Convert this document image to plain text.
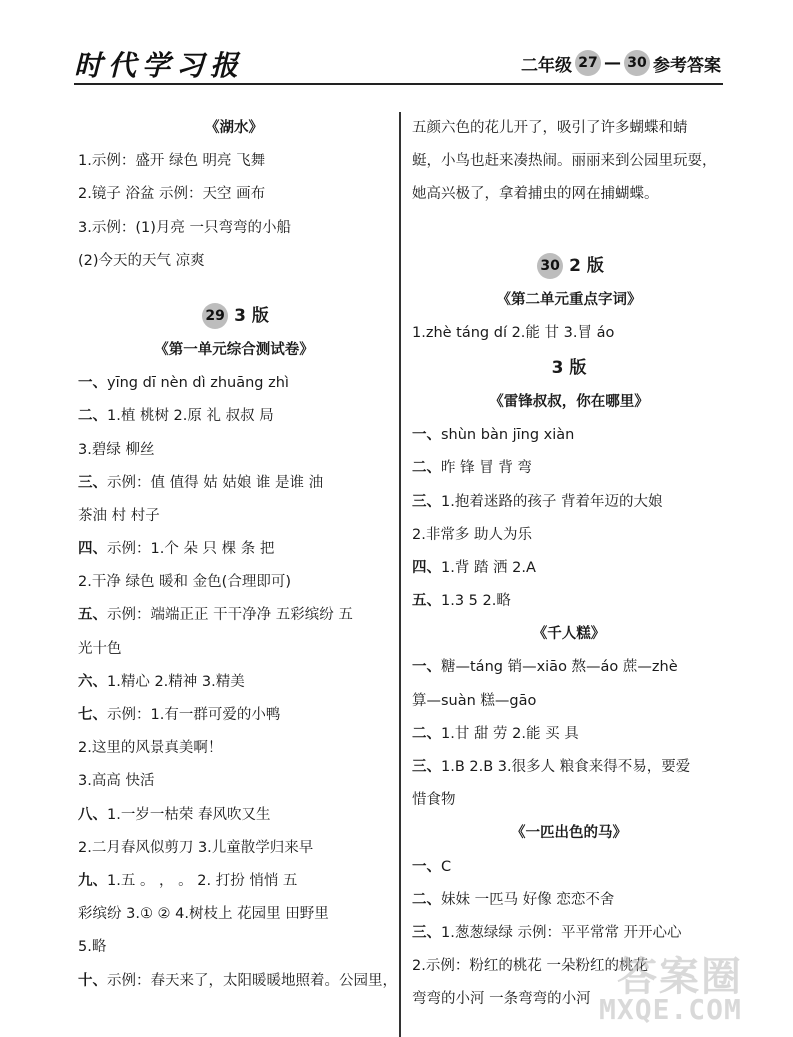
时代学习报	二年级 27 — 30 参考答案
《湖水》
1.示例：盛开 绿色 明亮 飞舞
2.镜子 浴盆 示例：天空 画布
3.示例：(1)月亮 一只弯弯的小船
(2)今天的天气 凉爽
29 3 版
《第一单元综合测试卷》
一、yīng dī nèn dì zhuāng zhì
二、1.植 桃树 2.原 礼 叔叔 局
3.碧绿 柳丝
三、示例：值 值得 姑 姑娘 谁 是谁 油
茶油 村 村子
四、示例：1.个 朵 只 棵 条 把
2.干净 绿色 暖和 金色(合理即可)
五、示例：端端正正 干干净净 五彩缤纷 五
光十色
六、1.精心 2.精神 3.精美
七、示例：1.有一群可爱的小鸭
2.这里的风景真美啊！
3.高高 快活
八、1.一岁一枯荣 春风吹又生
2.二月春风似剪刀 3.儿童散学归来早
九、1.五 。 ， 。 2. 打扮 悄悄 五
彩缤纷 3.① ② 4.树枝上 花园里 田野里
5.略
十、示例：春天来了，太阳暖暖地照着。公园里，
五颜六色的花儿开了，吸引了许多蝴蝶和蜻
蜓，小鸟也赶来凑热闹。丽丽来到公园里玩耍，
她高兴极了，拿着捕虫的网在捕蝴蝶。
30 2 版
《第二单元重点字词》
1.zhè táng dí 2.能 甘 3.冒 áo
3 版
《雷锋叔叔，你在哪里》
一、shùn bàn jīng xiàn
二、昨 锋 冒 背 弯
三、1.抱着迷路的孩子 背着年迈的大娘
2.非常多 助人为乐
四、1.背 踏 洒 2.A
五、1.3 5 2.略
《千人糕》
一、糖—táng 销—xiāo 熬—áo 蔗—zhè
算—suàn 糕—gāo
二、1.甘 甜 劳 2.能 买 具
三、1.B 2.B 3.很多人 粮食来得不易，要爱
惜食物
《一匹出色的马》
一、C
二、妹妹 一匹马 好像 恋恋不舍
三、1.葱葱绿绿 示例：平平常常 开开心心
2.示例：粉红的桃花 一朵粉红的桃花
弯弯的小河 一条弯弯的小河 答案圈
MXQE.COM
